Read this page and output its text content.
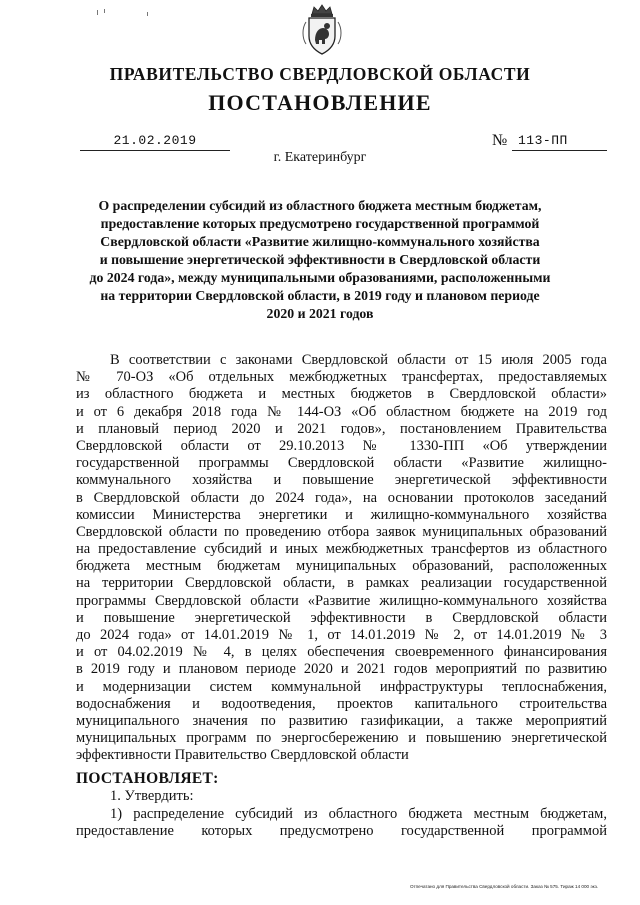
ПРАВИТЕЛЬСТВО СВЕРДЛОВСКОЙ ОБЛАСТИ
ПОСТАНОВЛЕНИЕ
21.02.2019	№ 113-ПП
г. Екатеринбург
О распределении субсидий из областного бюджета местным бюджетам,
предоставление которых предусмотрено государственной программой
Свердловской области «Развитие жилищно-коммунального хозяйства
и повышение энергетической эффективности в Свердловской области
до 2024 года», между муниципальными образованиями, расположенными
на территории Свердловской области, в 2019 году и плановом периоде
2020 и 2021 годов
В соответствии с законами Свердловской области от 15 июля 2005 года
№ 70-ОЗ «Об отдельных межбюджетных трансфертах, предоставляемых
из областного бюджета и местных бюджетов в Свердловской области»
и от 6 декабря 2018 года № 144-ОЗ «Об областном бюджете на 2019 год
и плановый период 2020 и 2021 годов», постановлением Правительства
Свердловской области от 29.10.2013 № 1330-ПП «Об утверждении
государственной программы Свердловской области «Развитие жилищно-
коммунального хозяйства и повышение энергетической эффективности
в Свердловской области до 2024 года», на основании протоколов заседаний
комиссии Министерства энергетики и жилищно-коммунального хозяйства
Свердловской области по проведению отбора заявок муниципальных образований
на предоставление субсидий и иных межбюджетных трансфертов из областного
бюджета местным бюджетам муниципальных образований, расположенных
на территории Свердловской области, в рамках реализации государственной
программы Свердловской области «Развитие жилищно-коммунального хозяйства
и повышение энергетической эффективности в Свердловской области
до 2024 года» от 14.01.2019 № 1, от 14.01.2019 № 2, от 14.01.2019 № 3
и от 04.02.2019 № 4, в целях обеспечения своевременного финансирования
в 2019 году и плановом периоде 2020 и 2021 годов мероприятий по развитию
и модернизации систем коммунальной инфраструктуры теплоснабжения,
водоснабжения и водоотведения, проектов капитального строительства
муниципального значения по развитию газификации, а также мероприятий
муниципальных программ по энергосбережению и повышению энергетической
эффективности Правительство Свердловской области
ПОСТАНОВЛЯЕТ:
1. Утвердить:
1) распределение субсидий из областного бюджета местным бюджетам,
предоставление которых предусмотрено государственной программой
Отпечатано для Правительства Свердловской области. Заказ № 575. Тираж 14 000 экз.
